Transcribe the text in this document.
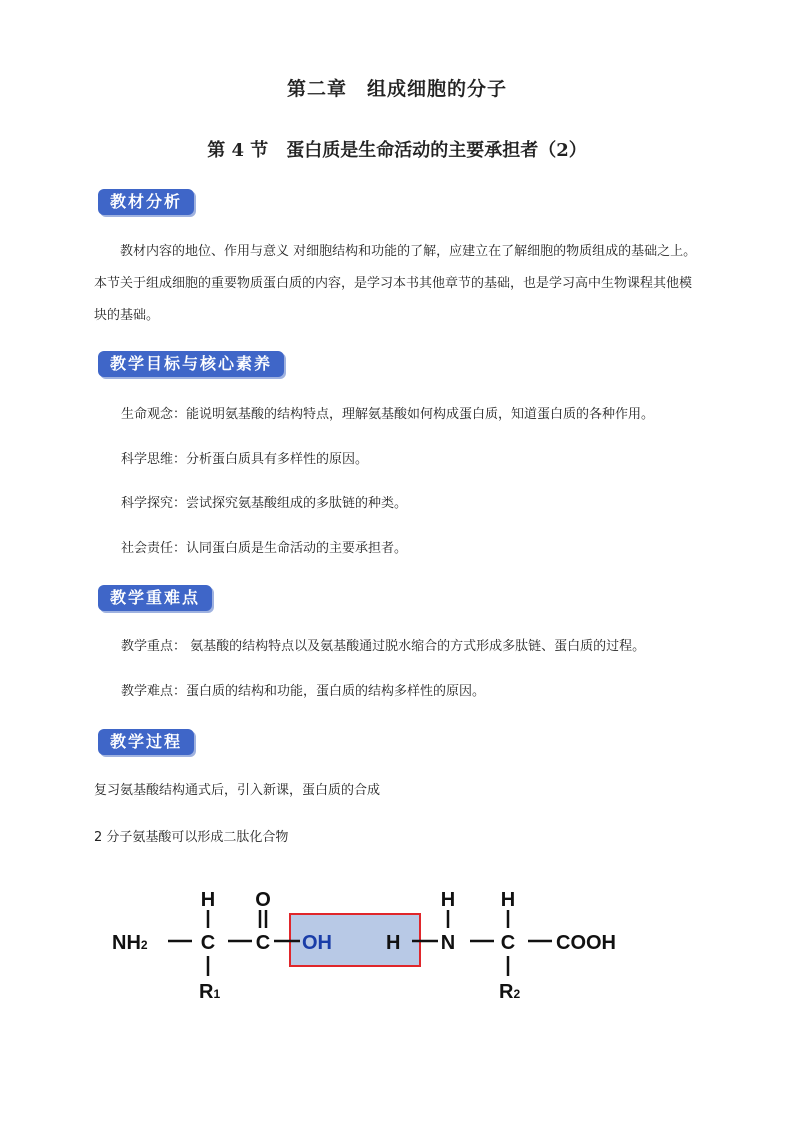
第二章　组成细胞的分子
第 4 节　蛋白质是生命活动的主要承担者（2）
教材分析
教材内容的地位、作用与意义 对细胞结构和功能的了解，应建立在了解细胞的物质组成的基础之上。本节关于组成细胞的重要物质蛋白质的内容，是学习本书其他章节的基础，也是学习高中生物课程其他模块的基础。
教学目标与核心素养
生命观念：能说明氨基酸的结构特点，理解氨基酸如何构成蛋白质，知道蛋白质的各种作用。
科学思维：分析蛋白质具有多样性的原因。
科学探究：尝试探究氨基酸组成的多肽链的种类。
社会责任：认同蛋白质是生命活动的主要承担者。
教学重难点
教学重点： 氨基酸的结构特点以及氨基酸通过脱水缩合的方式形成多肽链、蛋白质的过程。
教学难点：蛋白质的结构和功能，蛋白质的结构多样性的原因。
教学过程
复习氨基酸结构通式后，引入新课，蛋白质的合成
2 分子氨基酸可以形成二肽化合物
NH2
H
C
O
C OH	H N
H H
C COOH
R1	R2
